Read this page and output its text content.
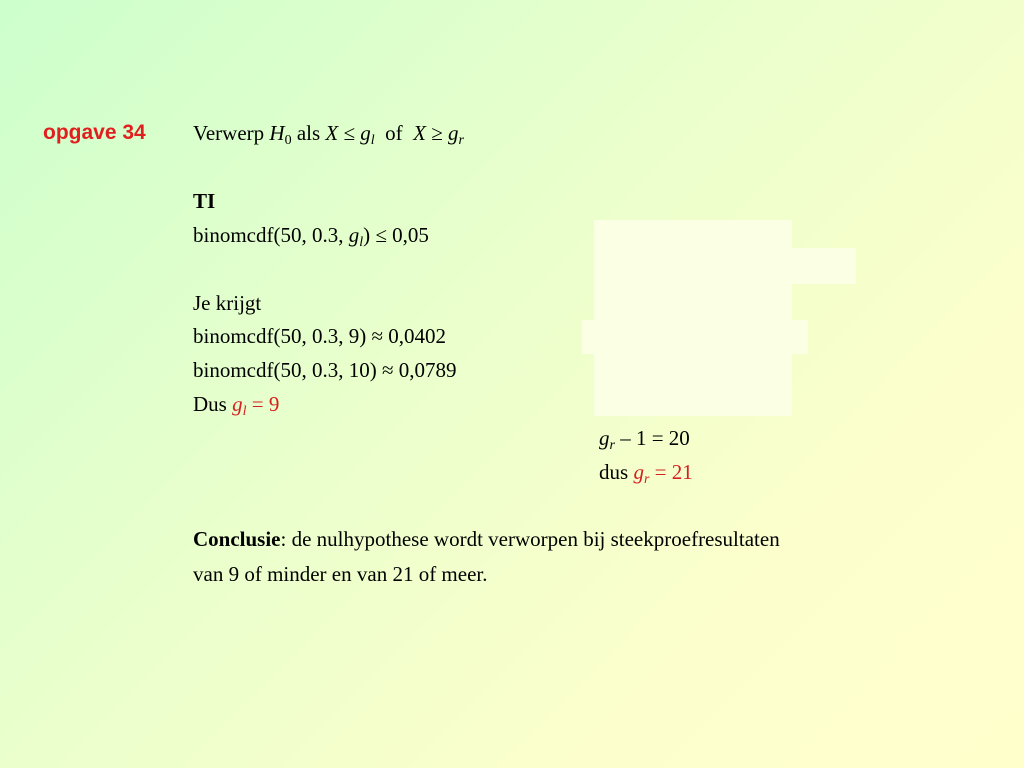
opgave 34 Verwerp $H_0$ als $X \le g_l$ of $X \ge g_r$
TI
binomcdf(50, 0.3, $g_l) \le 0,05$
Je krijgt
binomcdf(50, 0.3, 9) ≈ 0,0402
binomcdf(50, 0.3, 10) ≈ 0,0789
Dus $g_l = 9$
$g_r - 1 = 20$
dus $g_r = 21$
Conclusie: de nulhypothese wordt verworpen bij steekproefresultaten
van 9 of minder en van 21 of meer.
